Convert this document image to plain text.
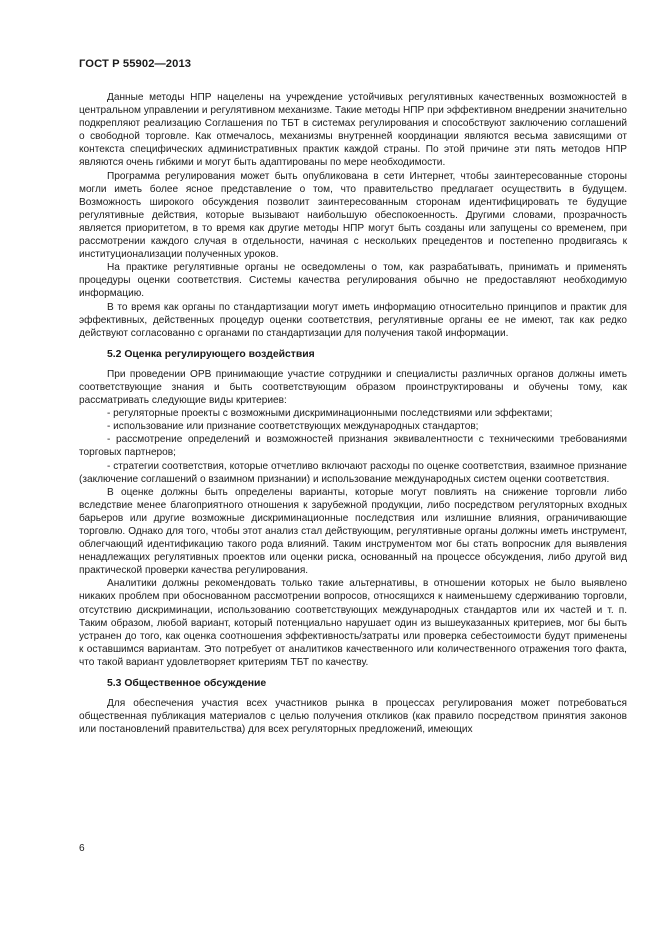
ГОСТ Р 55902—2013

Данные методы НПР нацелены на учреждение устойчивых регулятивных качественных возможностей в центральном управлении и регулятивном механизме. Такие методы НПР при эффективном внедрении значительно подкрепляют реализацию Соглашения по ТБТ в системах регулирования и способствуют заключению соглашений о свободной торговле. Как отмечалось, механизмы внутренней координации являются весьма зависящими от контекста специфических административных практик каждой страны. По этой причине эти пять методов НПР являются очень гибкими и могут быть адаптированы по мере необходимости.

Программа регулирования может быть опубликована в сети Интернет, чтобы заинтересованные стороны могли иметь более ясное представление о том, что правительство предлагает осуществить в будущем. Возможность широкого обсуждения позволит заинтересованным сторонам идентифицировать те будущие регулятивные действия, которые вызывают наибольшую обеспокоенность. Другими словами, прозрачность является приоритетом, в то время как другие методы НПР могут быть созданы или запущены со временем, при рассмотрении каждого случая в отдельности, начиная с нескольких прецедентов и постепенно продвигаясь к институционализации полученных уроков.

На практике регулятивные органы не осведомлены о том, как разрабатывать, принимать и применять процедуры оценки соответствия. Системы качества регулирования обычно не предоставляют необходимую информацию.

В то время как органы по стандартизации могут иметь информацию относительно принципов и практик для эффективных, действенных процедур оценки соответствия, регулятивные органы ее не имеют, так как редко действуют согласованно с органами по стандартизации для получения такой информации.

5.2 Оценка регулирующего воздействия

При проведении ОРВ принимающие участие сотрудники и специалисты различных органов должны иметь соответствующие знания и быть соответствующим образом проинструктированы и обучены тому, как рассматривать следующие виды критериев:

- регуляторные проекты с возможными дискриминационными последствиями или эффектами;

- использование или признание соответствующих международных стандартов;

- рассмотрение определений и возможностей признания эквивалентности с техническими требованиями торговых партнеров;

- стратегии соответствия, которые отчетливо включают расходы по оценке соответствия, взаимное признание (заключение соглашений о взаимном признании) и использование международных систем оценки соответствия.

В оценке должны быть определены варианты, которые могут повлиять на снижение торговли либо вследствие менее благоприятного отношения к зарубежной продукции, либо посредством регуляторных входных барьеров или другие возможные дискриминационные последствия или излишние влияния, ограничивающие торговлю. Однако для того, чтобы этот анализ стал действующим, регулятивные органы должны иметь инструмент, облегчающий идентификацию такого рода влияний. Таким инструментом мог бы стать вопросник для выявления ненадлежащих регулятивных проектов или оценки риска, основанный на процессе обсуждения, либо другой вид практической проверки качества регулирования.

Аналитики должны рекомендовать только такие альтернативы, в отношении которых не было выявлено никаких проблем при обоснованном рассмотрении вопросов, относящихся к наименьшему сдерживанию торговли, отсутствию дискриминации, использованию соответствующих международных стандартов или их частей и т. п. Таким образом, любой вариант, который потенциально нарушает один из вышеуказанных критериев, мог бы быть устранен до того, как оценка соотношения эффективность/затраты или проверка себестоимости будут применены к оставшимся вариантам. Это потребует от аналитиков качественного или количественного отражения того факта, что такой вариант удовлетворяет критериям ТБТ по качеству.

5.3 Общественное обсуждение

Для обеспечения участия всех участников рынка в процессах регулирования может потребоваться общественная публикация материалов с целью получения откликов (как правило посредством принятия законов или постановлений правительства) для всех регуляторных предложений, имеющих

6
